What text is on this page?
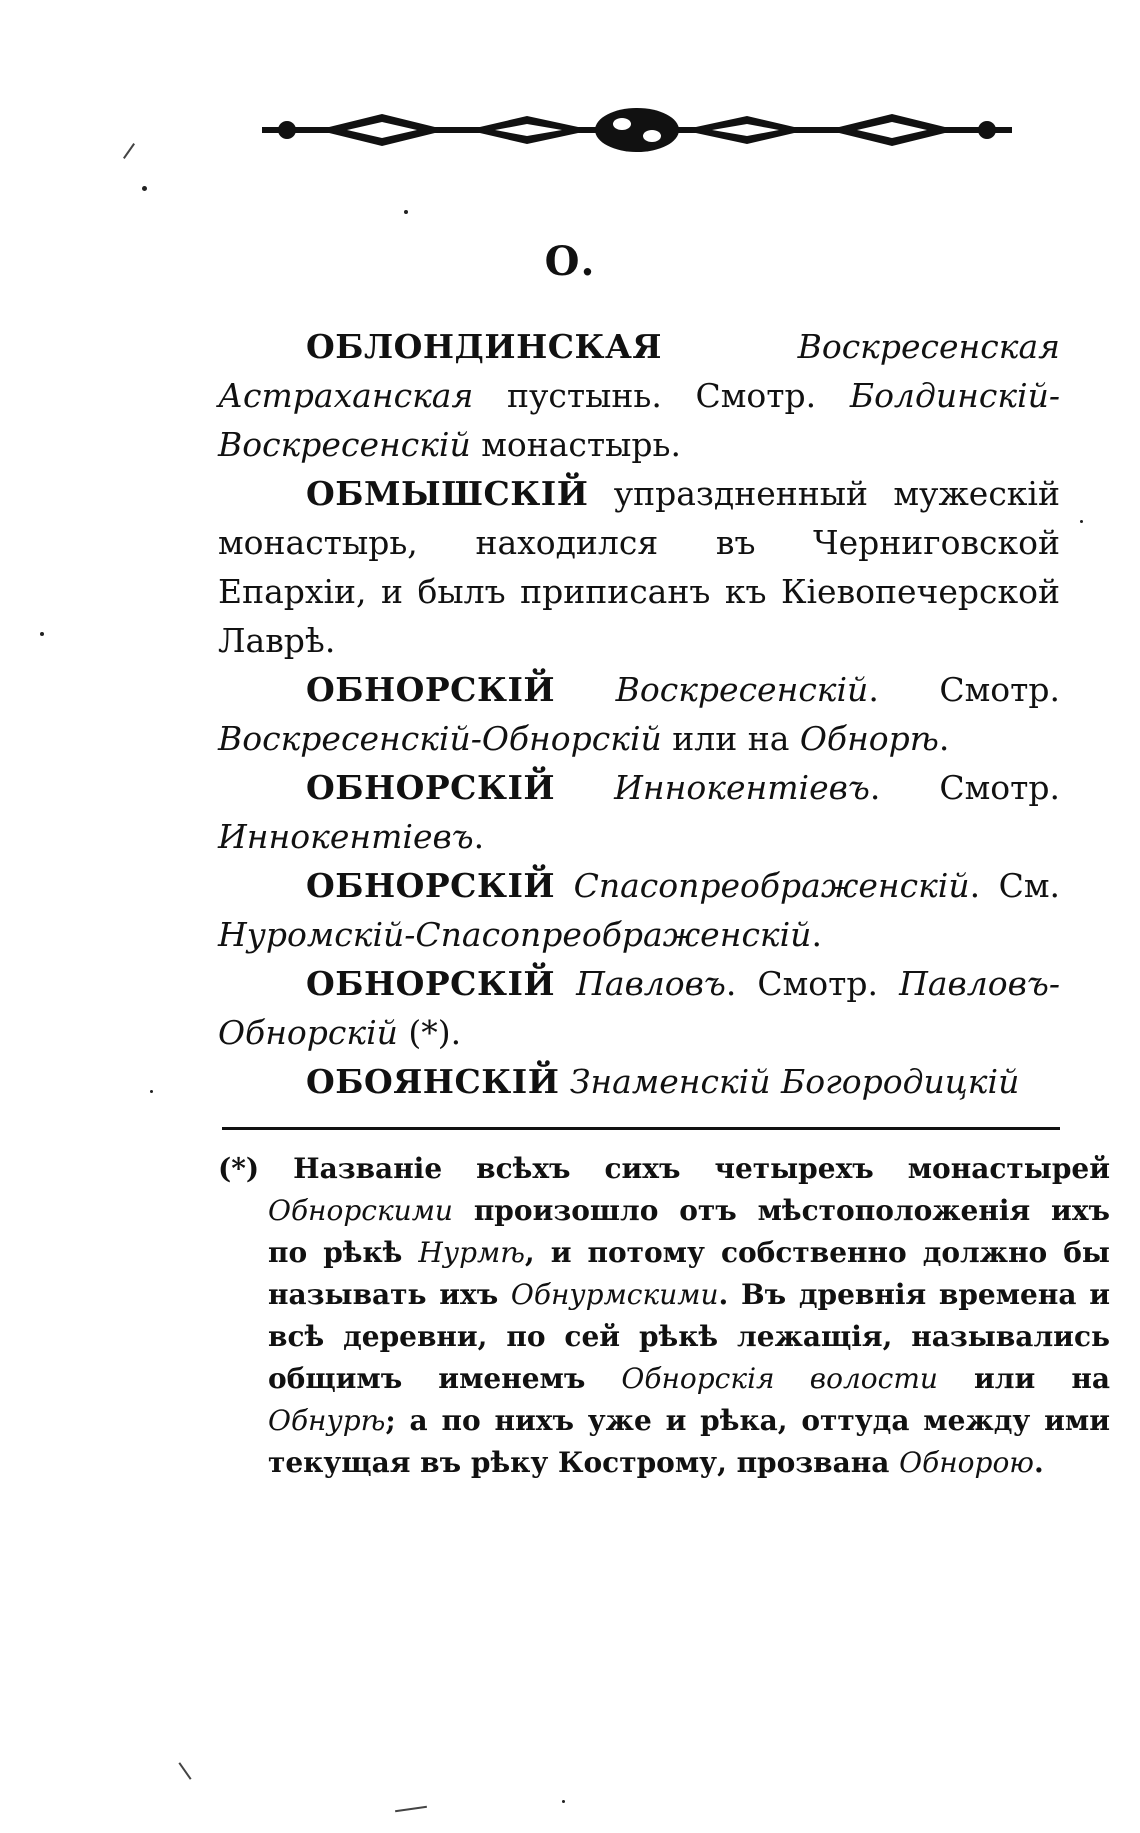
О.

ОБЛОНДИНСКАЯ	Воскресенская Астраханская пустынь. Смотр. Болдинскій-Воскресенскій монастырь.

ОБМЫШСКІЙ упраздненный мужескій монастырь, находился въ Черниговской Епархіи, и былъ приписанъ къ Кіевопечерской Лаврѣ.

ОБНОРСКІЙ Воскресенскій. Смотр. Воскресенскій-Обнорскій или на Обнорѣ.

ОБНОРСКІЙ Иннокентіевъ. Смотр. Иннокентіевъ.

ОБНОРСКІЙ Спасопреображенскій. См. Нуромскій-Спасопреображенскій.

ОБНОРСКІЙ Павловъ. Смотр. Павловъ-Обнорскій (*).

ОБОЯНСКІЙ Знаменскій Богородицкій

(*) Названіе всѣхъ сихъ четырехъ монастырей Обнорскими произошло отъ мѣстоположенія ихъ по рѣкѣ Нурмѣ, и потому собственно должно бы называть ихъ Обнурмскими. Въ древнія времена и всѣ деревни, по сей рѣкѣ лежащія, назывались общимъ именемъ Обнорскія волости или на Обнурѣ; а по нихъ уже и рѣка, оттуда между ими текущая въ рѣку Кострому, прозвана Обнорою.
